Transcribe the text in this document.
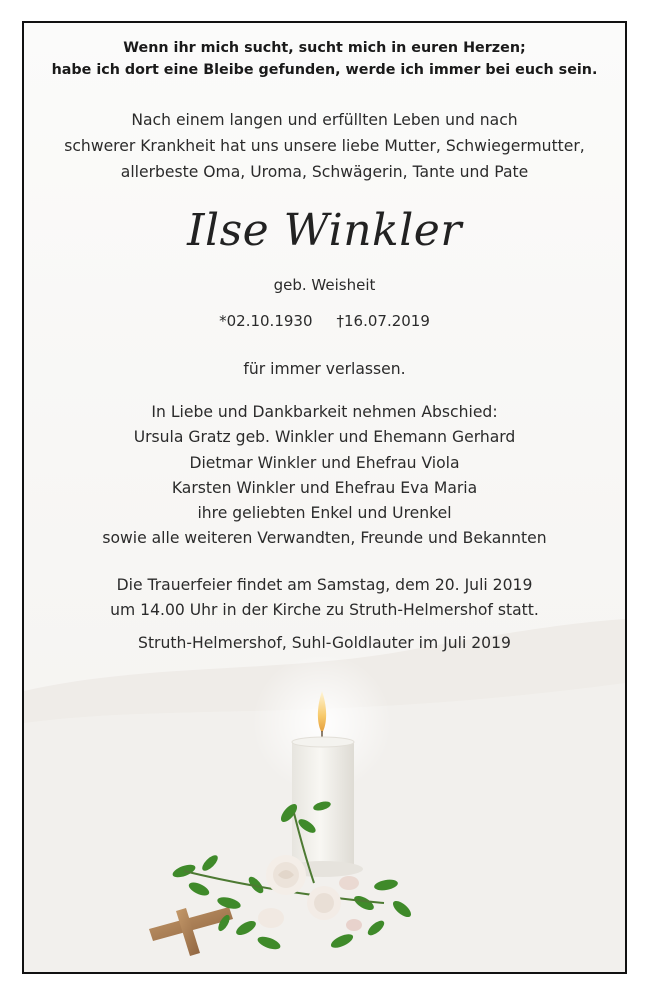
Wenn ihr mich sucht, sucht mich in euren Herzen;
habe ich dort eine Bleibe gefunden, werde ich immer bei euch sein.
Nach einem langen und erfüllten Leben und nach
schwerer Krankheit hat uns unsere liebe Mutter, Schwiegermutter,
allerbeste Oma, Uroma, Schwägerin, Tante und Pate
Ilse Winkler
geb. Weisheit
*02.10.1930 †16.07.2019
für immer verlassen.
In Liebe und Dankbarkeit nehmen Abschied:
Ursula Gratz geb. Winkler und Ehemann Gerhard
Dietmar Winkler und Ehefrau Viola
Karsten Winkler und Ehefrau Eva Maria
ihre geliebten Enkel und Urenkel
sowie alle weiteren Verwandten, Freunde und Bekannten
Die Trauerfeier findet am Samstag, dem 20. Juli 2019
um 14.00 Uhr in der Kirche zu Struth-Helmershof statt.
Struth-Helmershof, Suhl-Goldlauter im Juli 2019
